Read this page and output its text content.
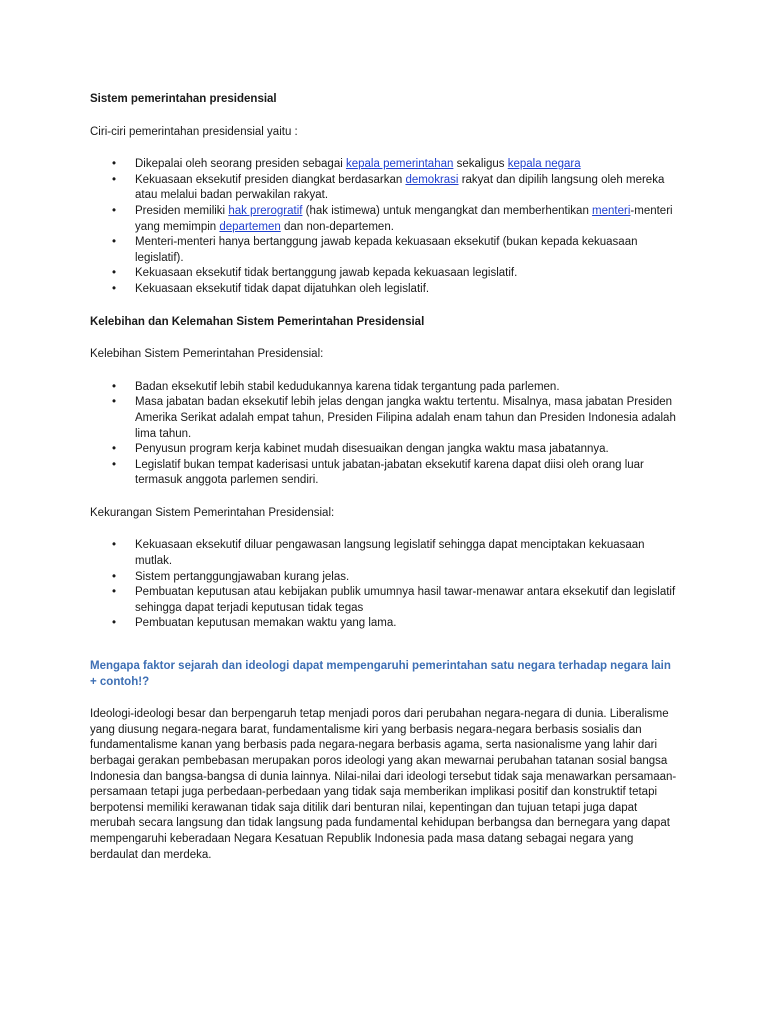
Sistem pemerintahan presidensial

Ciri-ciri pemerintahan presidensial yaitu :

• Dikepalai oleh seorang presiden sebagai kepala pemerintahan sekaligus kepala negara
• Kekuasaan eksekutif presiden diangkat berdasarkan demokrasi rakyat dan dipilih langsung oleh mereka atau melalui badan perwakilan rakyat.
• Presiden memiliki hak prerogratif (hak istimewa) untuk mengangkat dan memberhentikan menteri-menteri yang memimpin departemen dan non-departemen.
• Menteri-menteri hanya bertanggung jawab kepada kekuasaan eksekutif (bukan kepada kekuasaan legislatif).
• Kekuasaan eksekutif tidak bertanggung jawab kepada kekuasaan legislatif.
• Kekuasaan eksekutif tidak dapat dijatuhkan oleh legislatif.

Kelebihan dan Kelemahan Sistem Pemerintahan Presidensial

Kelebihan Sistem Pemerintahan Presidensial:

• Badan eksekutif lebih stabil kedudukannya karena tidak tergantung pada parlemen.
• Masa jabatan badan eksekutif lebih jelas dengan jangka waktu tertentu. Misalnya, masa jabatan Presiden Amerika Serikat adalah empat tahun, Presiden Filipina adalah enam tahun dan Presiden Indonesia adalah lima tahun.
• Penyusun program kerja kabinet mudah disesuaikan dengan jangka waktu masa jabatannya.
• Legislatif bukan tempat kaderisasi untuk jabatan-jabatan eksekutif karena dapat diisi oleh orang luar termasuk anggota parlemen sendiri.

Kekurangan Sistem Pemerintahan Presidensial:

• Kekuasaan eksekutif diluar pengawasan langsung legislatif sehingga dapat menciptakan kekuasaan mutlak.
• Sistem pertanggungjawaban kurang jelas.
• Pembuatan keputusan atau kebijakan publik umumnya hasil tawar-menawar antara eksekutif dan legislatif sehingga dapat terjadi keputusan tidak tegas
• Pembuatan keputusan memakan waktu yang lama.

Mengapa faktor sejarah dan ideologi dapat mempengaruhi pemerintahan satu negara terhadap negara lain + contoh!?

Ideologi-ideologi besar dan berpengaruh tetap menjadi poros dari perubahan negara-negara di dunia. Liberalisme yang diusung negara-negara barat, fundamentalisme kiri yang berbasis negara-negara berbasis sosialis dan fundamentalisme kanan yang berbasis pada negara-negara berbasis agama, serta nasionalisme yang lahir dari berbagai gerakan pembebasan merupakan poros ideologi yang akan mewarnai perubahan tatanan sosial bangsa Indonesia dan bangsa-bangsa di dunia lainnya. Nilai-nilai dari ideologi tersebut tidak saja menawarkan persamaan-persamaan tetapi juga perbedaan-perbedaan yang tidak saja memberikan implikasi positif dan konstruktif tetapi berpotensi memiliki kerawanan tidak saja ditilik dari benturan nilai, kepentingan dan tujuan tetapi juga dapat merubah secara langsung dan tidak langsung pada fundamental kehidupan berbangsa dan bernegara yang dapat mempengaruhi keberadaan Negara Kesatuan Republik Indonesia pada masa datang sebagai negara yang berdaulat dan merdeka.
